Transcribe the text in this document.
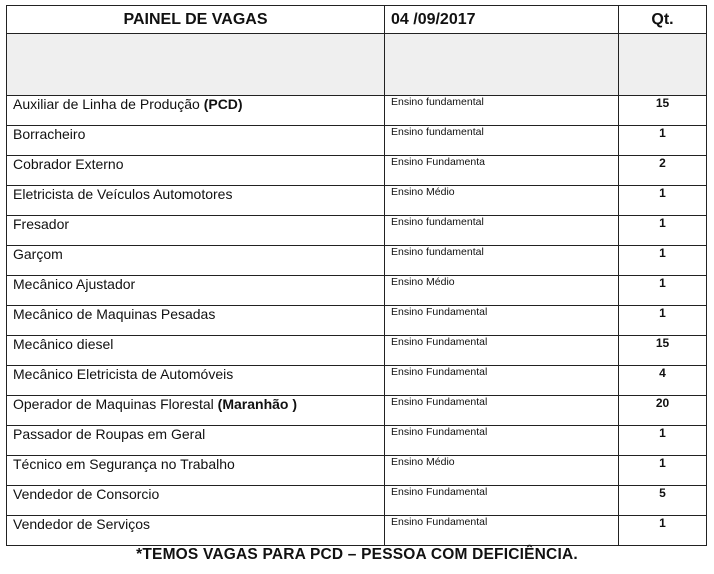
PAINEL DE VAGAS	04 /09/2017	Qt.

Auxiliar de Linha de Produção (PCD)	Ensino fundamental	15
Borracheiro	Ensino fundamental	1
Cobrador Externo	Ensino Fundamenta	2
Eletricista de Veículos Automotores	Ensino Médio	1
Fresador	Ensino fundamental	1
Garçom	Ensino fundamental	1
Mecânico Ajustador	Ensino Médio	1
Mecânico de Maquinas Pesadas	Ensino Fundamental	1
Mecânico diesel	Ensino Fundamental	15
Mecânico Eletricista de Automóveis	Ensino Fundamental	4
Operador de Maquinas Florestal (Maranhão )	Ensino Fundamental	20
Passador de Roupas em Geral	Ensino Fundamental	1
Técnico em Segurança no Trabalho	Ensino Médio	1
Vendedor de Consorcio	Ensino Fundamental	5
Vendedor de Serviços	Ensino Fundamental	1
*TEMOS VAGAS PARA PCD – PESSOA COM DEFICIÊNCIA.
